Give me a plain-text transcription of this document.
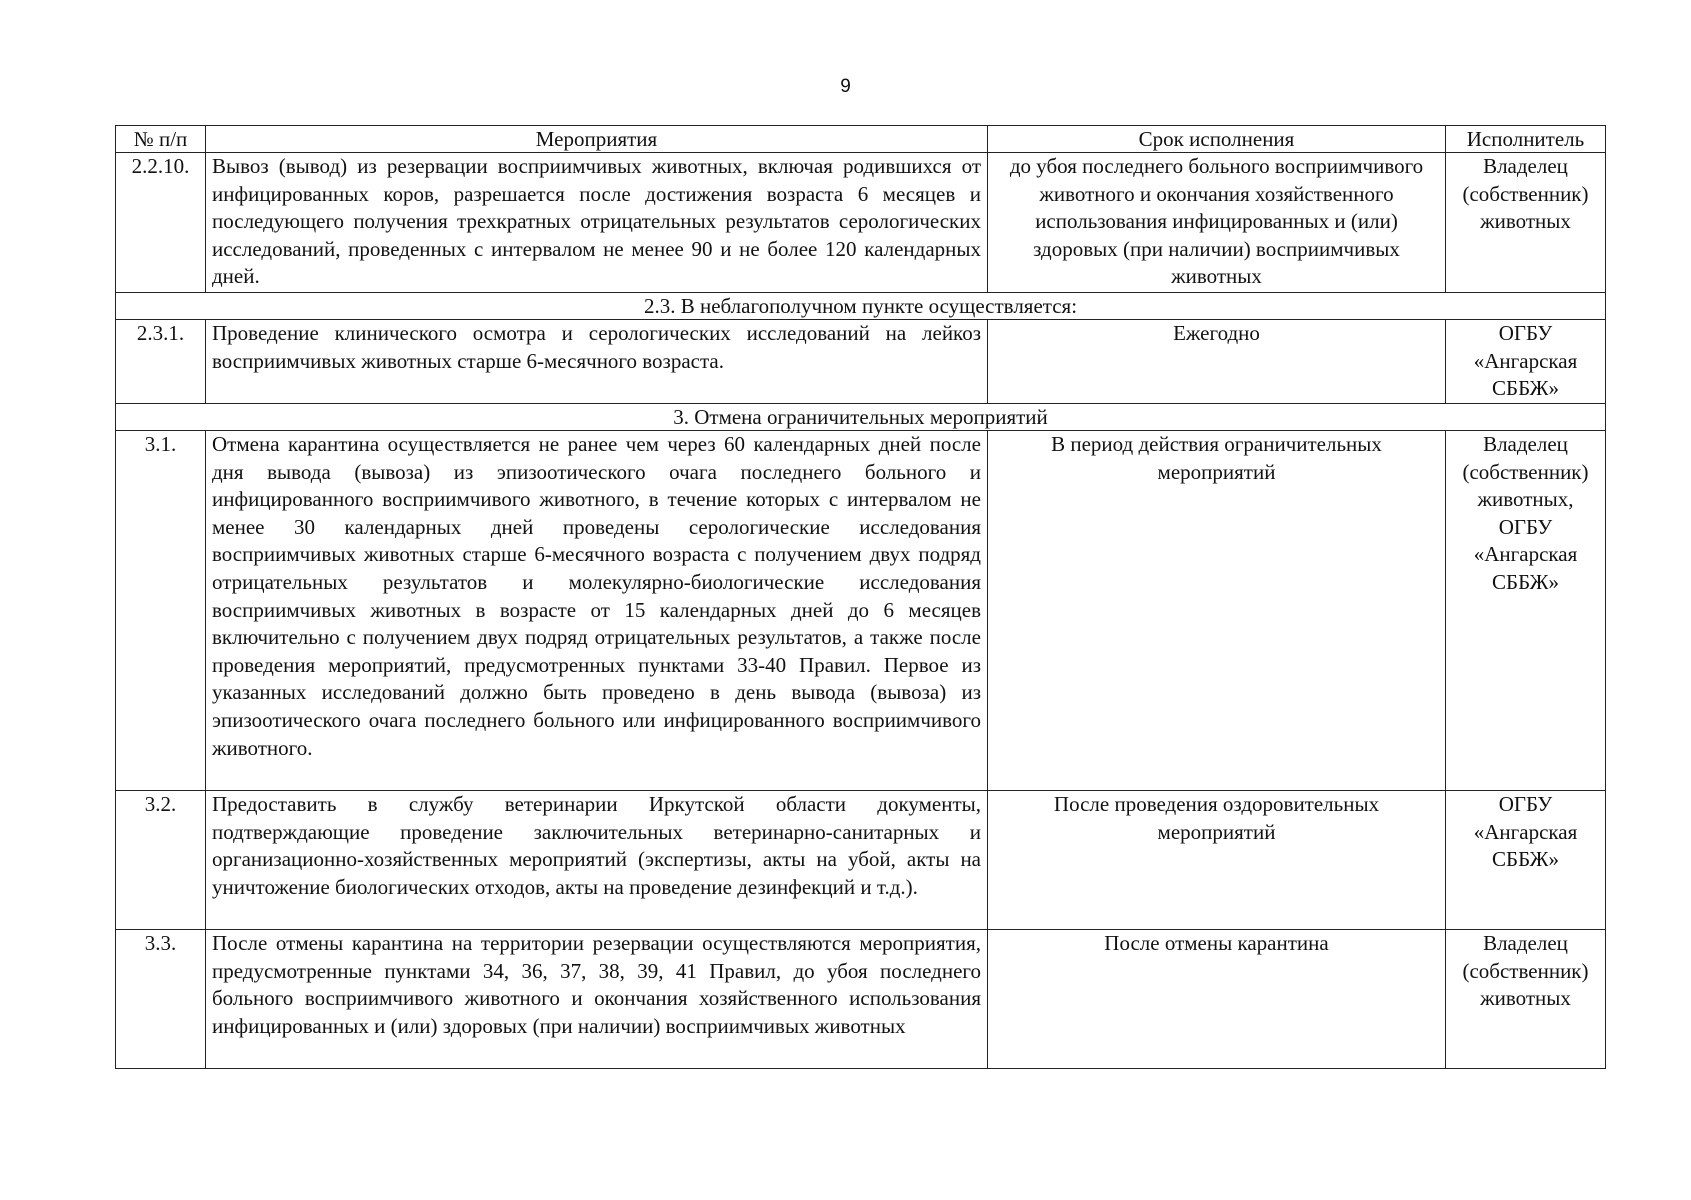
9
№ п/п	Мероприятия	Срок исполнения	Исполнитель
2.2.10.	Вывоз (вывод) из резервации восприимчивых животных, включая родившихся от инфицированных коров, разрешается после достижения возраста 6 месяцев и последующего получения трехкратных отрицательных результатов серологических исследований, проведенных с интервалом не менее 90 и не более 120 календарных дней.	до убоя последнего больного восприимчивого животного и окончания хозяйственного использования инфицированных и (или) здоровых (при наличии) восприимчивых животных	Владелец (собственник) животных
2.3. В неблагополучном пункте осуществляется:			
2.3.1.	Проведение клинического осмотра и серологических исследований на лейкоз восприимчивых животных старше 6-месячного возраста.	Ежегодно	ОГБУ «Ангарская СББЖ»
3. Отмена ограничительных мероприятий			
3.1.	Отмена карантина осуществляется не ранее чем через 60 календарных дней после дня вывода (вывоза) из эпизоотического очага последнего больного и инфицированного восприимчивого животного, в течение которых с интервалом не менее 30 календарных дней проведены серологические исследования восприимчивых животных старше 6-месячного возраста с получением двух подряд отрицательных результатов и молекулярно-биологические исследования восприимчивых животных в возрасте от 15 календарных дней до 6 месяцев включительно с получением двух подряд отрицательных результатов, а также после проведения мероприятий, предусмотренных пунктами 33-40 Правил. Первое из указанных исследований должно быть проведено в день вывода (вывоза) из эпизоотического очага последнего больного или инфицированного восприимчивого животного.	В период действия ограничительных мероприятий	Владелец (собственник) животных, ОГБУ «Ангарская СББЖ»
3.2.	Предоставить в службу ветеринарии Иркутской области документы, подтверждающие проведение заключительных ветеринарно-санитарных и организационно-хозяйственных мероприятий (экспертизы, акты на убой, акты на уничтожение биологических отходов, акты на проведение дезинфекций и т.д.).	После проведения оздоровительных мероприятий	ОГБУ «Ангарская СББЖ»
3.3.	После отмены карантина на территории резервации осуществляются мероприятия, предусмотренные пунктами 34, 36, 37, 38, 39, 41 Правил, до убоя последнего больного восприимчивого животного и окончания хозяйственного использования инфицированных и (или) здоровых (при наличии) восприимчивых животных	После отмены карантина	Владелец (собственник) животных
